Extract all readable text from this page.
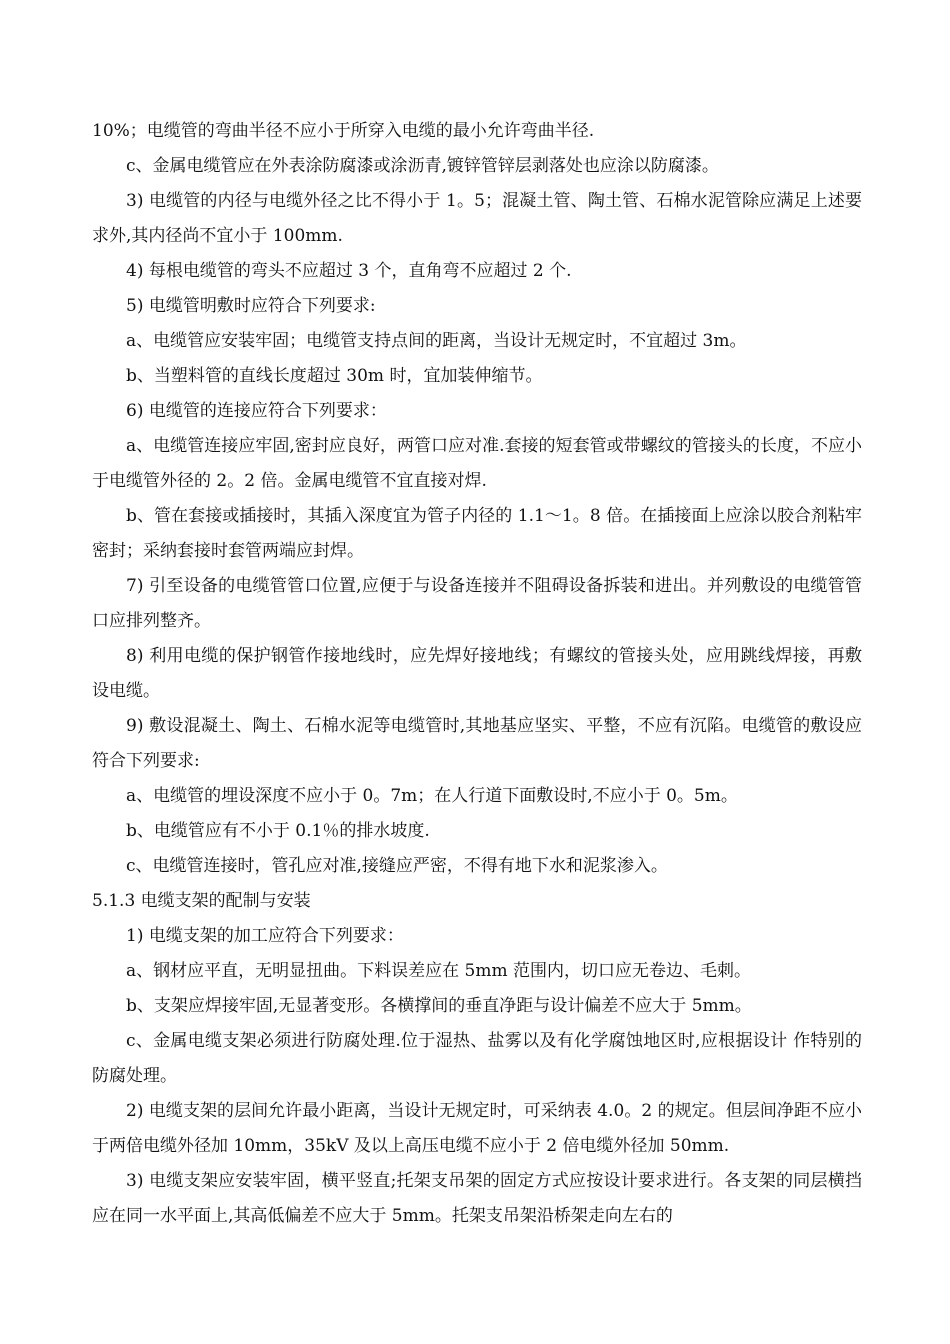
10%；电缆管的弯曲半径不应小于所穿入电缆的最小允许弯曲半径.

c、金属电缆管应在外表涂防腐漆或涂沥青,镀锌管锌层剥落处也应涂以防腐漆。

3) 电缆管的内径与电缆外径之比不得小于 1。5；混凝土管、陶土管、石棉水泥管除应满足上述要求外,其内径尚不宜小于 100mm.

4) 每根电缆管的弯头不应超过 3 个，直角弯不应超过 2 个.

5) 电缆管明敷时应符合下列要求:

a、电缆管应安装牢固；电缆管支持点间的距离，当设计无规定时，不宜超过 3m。

b、当塑料管的直线长度超过 30m 时，宜加装伸缩节。

6) 电缆管的连接应符合下列要求：

a、电缆管连接应牢固,密封应良好，两管口应对准.套接的短套管或带螺纹的管接头的长度，不应小于电缆管外径的 2。2 倍。金属电缆管不宜直接对焊.

b、管在套接或插接时，其插入深度宜为管子内径的 1.1～1。8 倍。在插接面上应涂以胶合剂粘牢密封；采纳套接时套管两端应封焊。

7) 引至设备的电缆管管口位置,应便于与设备连接并不阻碍设备拆装和进出。并列敷设的电缆管管口应排列整齐。

8) 利用电缆的保护钢管作接地线时，应先焊好接地线；有螺纹的管接头处，应用跳线焊接，再敷设电缆。

9) 敷设混凝土、陶土、石棉水泥等电缆管时,其地基应坚实、平整，不应有沉陷。电缆管的敷设应符合下列要求:

a、电缆管的埋设深度不应小于 0。7m；在人行道下面敷设时,不应小于 0。5m。

b、电缆管应有不小于 0.1％的排水坡度.

c、电缆管连接时，管孔应对准,接缝应严密，不得有地下水和泥浆渗入。

5.1.3 电缆支架的配制与安装

1) 电缆支架的加工应符合下列要求：

a、钢材应平直，无明显扭曲。下料误差应在 5mm 范围内，切口应无卷边、毛刺。

b、支架应焊接牢固,无显著变形。各横撑间的垂直净距与设计偏差不应大于 5mm。

c、金属电缆支架必须进行防腐处理.位于湿热、盐雾以及有化学腐蚀地区时,应根据设计 作特别的防腐处理。

2) 电缆支架的层间允许最小距离，当设计无规定时，可采纳表 4.0。2 的规定。但层间净距不应小于两倍电缆外径加 10mm，35kV 及以上高压电缆不应小于 2 倍电缆外径加 50mm.

3) 电缆支架应安装牢固，横平竖直;托架支吊架的固定方式应按设计要求进行。各支架的同层横挡应在同一水平面上,其高低偏差不应大于 5mm。托架支吊架沿桥架走向左右的
